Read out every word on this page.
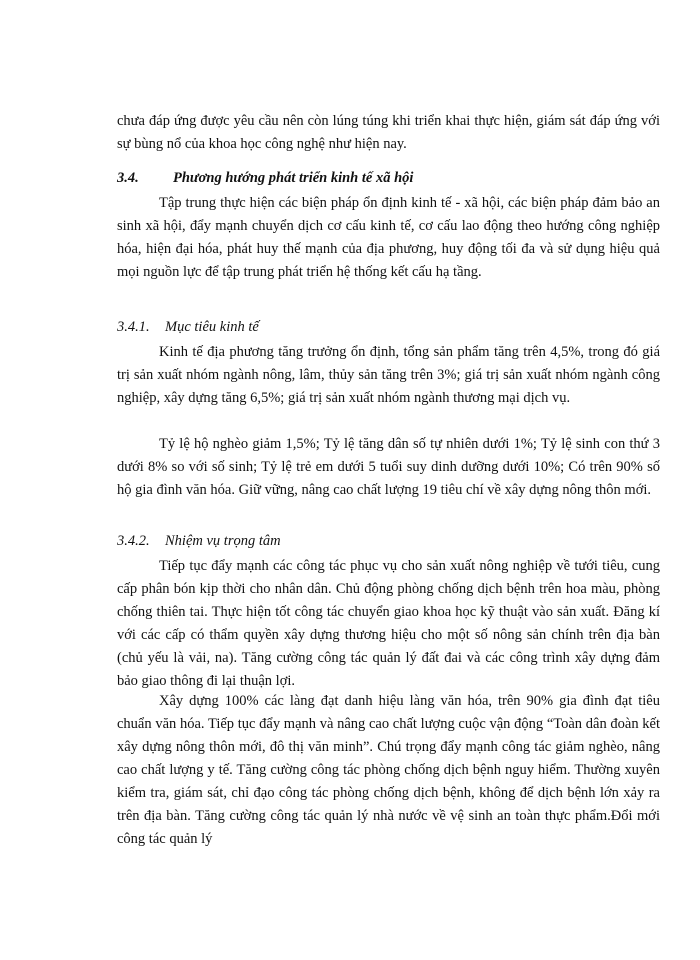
chưa đáp ứng được yêu cầu nên còn lúng túng khi triển khai thực hiện, giám sát đáp ứng với sự bùng nổ của khoa học công nghệ như hiện nay.

3.4. Phương hướng phát triển kinh tế xã hội

Tập trung thực hiện các biện pháp ổn định kinh tế - xã hội, các biện pháp đảm bảo an sinh xã hội, đẩy mạnh chuyển dịch cơ cấu kinh tế, cơ cấu lao động theo hướng công nghiệp hóa, hiện đại hóa, phát huy thế mạnh của địa phương, huy động tối đa và sử dụng hiệu quả mọi nguồn lực để tập trung phát triển hệ thống kết cấu hạ tầng.

3.4.1. Mục tiêu kinh tế

Kinh tế địa phương tăng trưởng ổn định, tổng sản phẩm tăng trên 4,5%, trong đó giá trị sản xuất nhóm ngành nông, lâm, thủy sản tăng trên 3%; giá trị sản xuất nhóm ngành công nghiệp, xây dựng tăng 6,5%; giá trị sản xuất nhóm ngành thương mại dịch vụ.

Tỷ lệ hộ nghèo giảm 1,5%; Tỷ lệ tăng dân số tự nhiên dưới 1%; Tỷ lệ sinh con thứ 3 dưới 8% so với số sinh; Tỷ lệ trẻ em dưới 5 tuổi suy dinh dưỡng dưới 10%; Có trên 90% số hộ gia đình văn hóa. Giữ vững, nâng cao chất lượng 19 tiêu chí về xây dựng nông thôn mới.

3.4.2. Nhiệm vụ trọng tâm

Tiếp tục đẩy mạnh các công tác phục vụ cho sản xuất nông nghiệp về tưới tiêu, cung cấp phân bón kịp thời cho nhân dân. Chủ động phòng chống dịch bệnh trên hoa màu, phòng chống thiên tai. Thực hiện tốt công tác chuyển giao khoa học kỹ thuật vào sản xuất. Đăng kí với các cấp có thẩm quyền xây dựng thương hiệu cho một số nông sản chính trên địa bàn (chủ yếu là vải, na). Tăng cường công tác quản lý đất đai và các công trình xây dựng đảm bảo giao thông đi lại thuận lợi.

Xây dựng 100% các làng đạt danh hiệu làng văn hóa, trên 90% gia đình đạt tiêu chuẩn văn hóa. Tiếp tục đẩy mạnh và nâng cao chất lượng cuộc vận động “Toàn dân đoàn kết xây dựng nông thôn mới, đô thị văn minh”. Chú trọng đẩy mạnh công tác giảm nghèo, nâng cao chất lượng y tế. Tăng cường công tác phòng chống dịch bệnh nguy hiểm. Thường xuyên kiểm tra, giám sát, chỉ đạo công tác phòng chống dịch bệnh, không để dịch bệnh lớn xảy ra trên địa bàn. Tăng cường công tác quản lý nhà nước về vệ sinh an toàn thực phẩm.Đổi mới công tác quản lý
